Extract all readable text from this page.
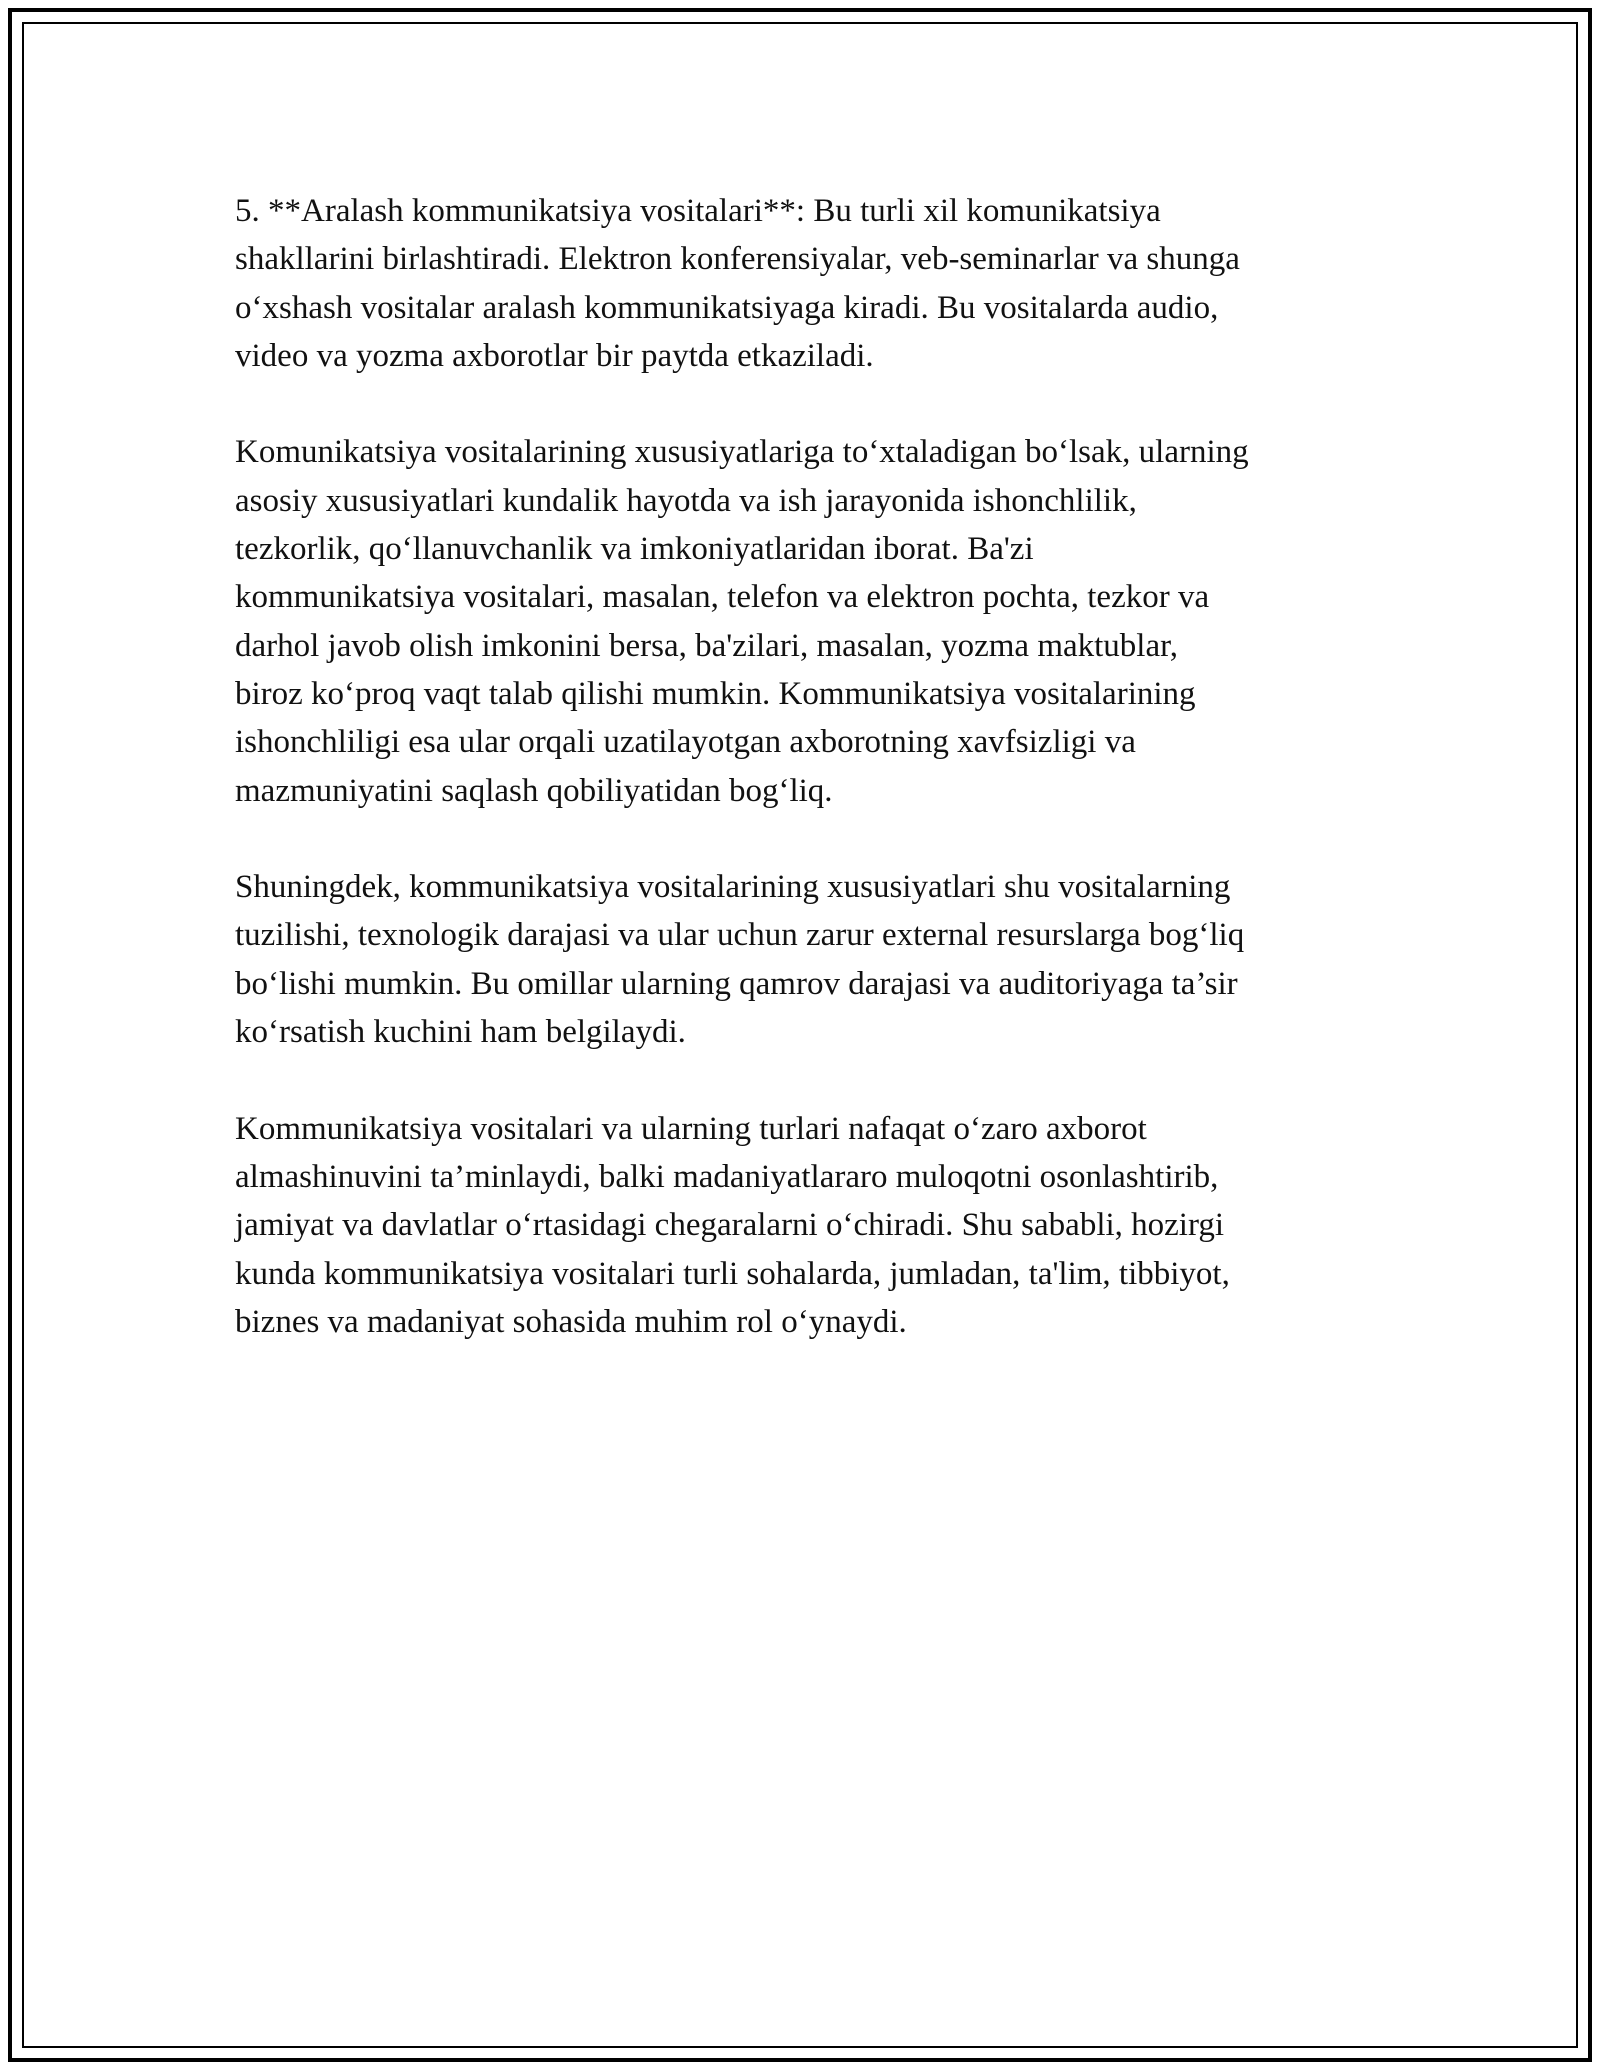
5. **Aralash kommunikatsiya vositalari**: Bu turli xil komunikatsiya
shakllarini birlashtiradi. Elektron konferensiyalar, veb-seminarlar va shunga
o‘xshash vositalar aralash kommunikatsiyaga kiradi. Bu vositalarda audio,
video va yozma axborotlar bir paytda etkaziladi.

Komunikatsiya vositalarining xususiyatlariga to‘xtaladigan bo‘lsak, ularning
asosiy xususiyatlari kundalik hayotda va ish jarayonida ishonchlilik,
tezkorlik, qo‘llanuvchanlik va imkoniyatlaridan iborat. Ba'zi
kommunikatsiya vositalari, masalan, telefon va elektron pochta, tezkor va
darhol javob olish imkonini bersa, ba'zilari, masalan, yozma maktublar,
biroz ko‘proq vaqt talab qilishi mumkin. Kommunikatsiya vositalarining
ishonchliligi esa ular orqali uzatilayotgan axborotning xavfsizligi va
mazmuniyatini saqlash qobiliyatidan bog‘liq.

Shuningdek, kommunikatsiya vositalarining xususiyatlari shu vositalarning
tuzilishi, texnologik darajasi va ular uchun zarur external resurslarga bog‘liq
bo‘lishi mumkin. Bu omillar ularning qamrov darajasi va auditoriyaga ta’sir
ko‘rsatish kuchini ham belgilaydi.

Kommunikatsiya vositalari va ularning turlari nafaqat o‘zaro axborot
almashinuvini ta’minlaydi, balki madaniyatlararo muloqotni osonlashtirib,
jamiyat va davlatlar o‘rtasidagi chegaralarni o‘chiradi. Shu sababli, hozirgi
kunda kommunikatsiya vositalari turli sohalarda, jumladan, ta'lim, tibbiyot,
biznes va madaniyat sohasida muhim rol o‘ynaydi.
